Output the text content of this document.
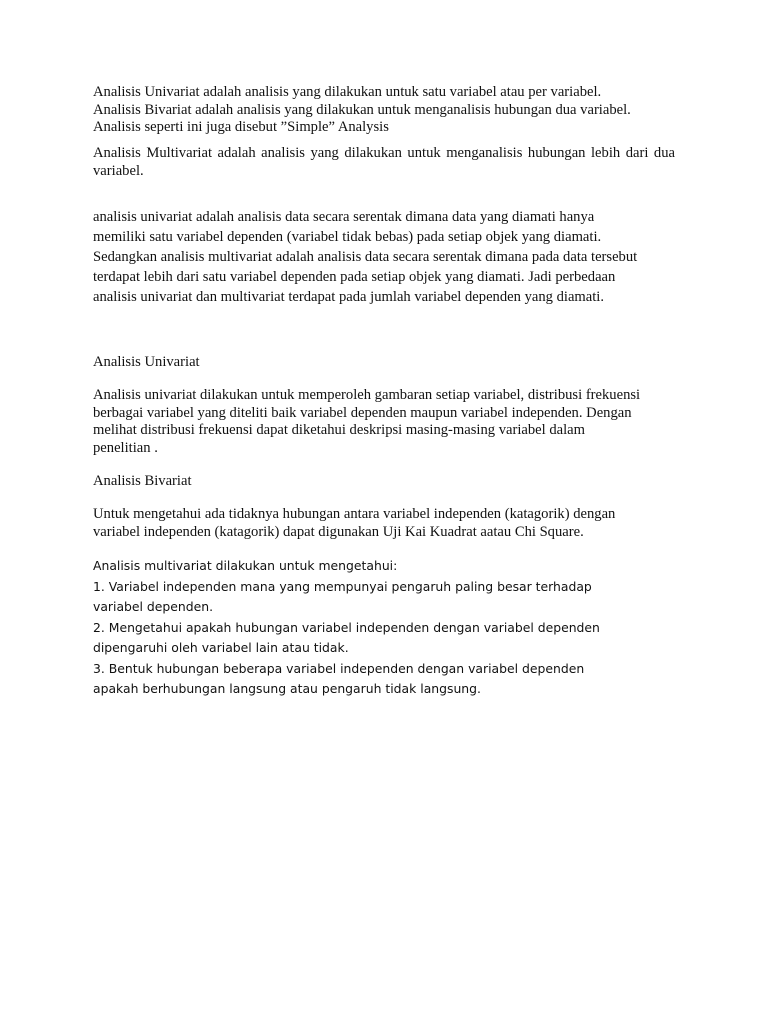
Analisis Univariat adalah analisis yang dilakukan untuk satu variabel atau per variabel.
Analisis Bivariat adalah analisis yang dilakukan untuk menganalisis hubungan dua variabel.
Analisis seperti ini juga disebut ”Simple” Analysis
Analisis Multivariat adalah analisis yang dilakukan untuk menganalisis hubungan lebih dari dua variabel.
analisis univariat adalah analisis data secara serentak dimana data yang diamati hanya
memiliki satu variabel dependen (variabel tidak bebas) pada setiap objek yang diamati.
Sedangkan analisis multivariat adalah analisis data secara serentak dimana pada data tersebut
terdapat lebih dari satu variabel dependen pada setiap objek yang diamati. Jadi perbedaan
analisis univariat dan multivariat terdapat pada jumlah variabel dependen yang diamati.
Analisis Univariat
Analisis univariat dilakukan untuk memperoleh gambaran setiap variabel, distribusi frekuensi
berbagai variabel yang diteliti baik variabel dependen maupun variabel independen. Dengan
melihat distribusi frekuensi dapat diketahui deskripsi masing-masing variabel dalam
penelitian .
Analisis Bivariat
Untuk mengetahui ada tidaknya hubungan antara variabel independen (katagorik) dengan
variabel independen (katagorik) dapat digunakan Uji Kai Kuadrat aatau Chi Square.
Analisis multivariat dilakukan untuk mengetahui:
1. Variabel independen mana yang mempunyai pengaruh paling besar terhadap
variabel dependen.
2. Mengetahui apakah hubungan variabel independen dengan variabel dependen
dipengaruhi oleh variabel lain atau tidak.
3. Bentuk hubungan beberapa variabel independen dengan variabel dependen
apakah berhubungan langsung atau pengaruh tidak langsung.
